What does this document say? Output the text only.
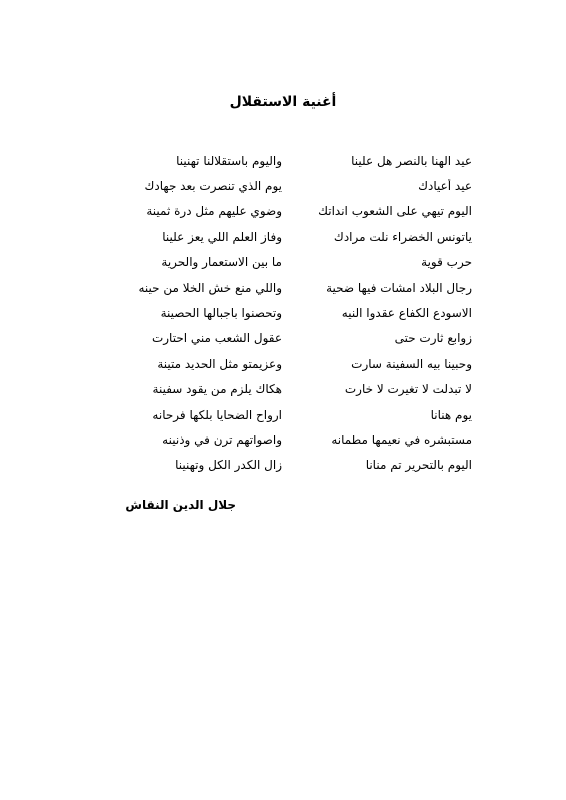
أغنية الاستقلال
عيد الهنا بالنصر هل علينا
واليوم باستقلالنا تهنينا
عيد أعيادك
يوم الذي تنصرت بعد جهادك
اليوم تيهي على الشعوب انداتك
وضوي عليهم مثل درة ثمينة
ياتونس الخضراء نلت مرادك
وفاز العلم اللي يعز علينا
حرب قوية
ما بين الاستعمار والحرية
رجال البلاد امشات فيها ضحية
واللي منع خش الخلا من حينه
الاسودع الكفاع عقدوا النيه
وتحصنوا باجبالها الحصينة
زوابع ثارت حتى
عقول الشعب مني احتارت
وحبينا بيه السفينة سارت
وعزيمتو مثل الحديد متينة
لا تبدلت لا تغيرت لا خارت
هكاك يلزم من يقود سفينة
يوم هنانا
ارواح الضحايا بلكها فرحانه
مستبشره في نعيمها مطمانه
واصواتهم ترن في وذنينه
اليوم بالتحرير تم منانا
زال الكدر الكل وتهنينا

جلال الدين النقاش
